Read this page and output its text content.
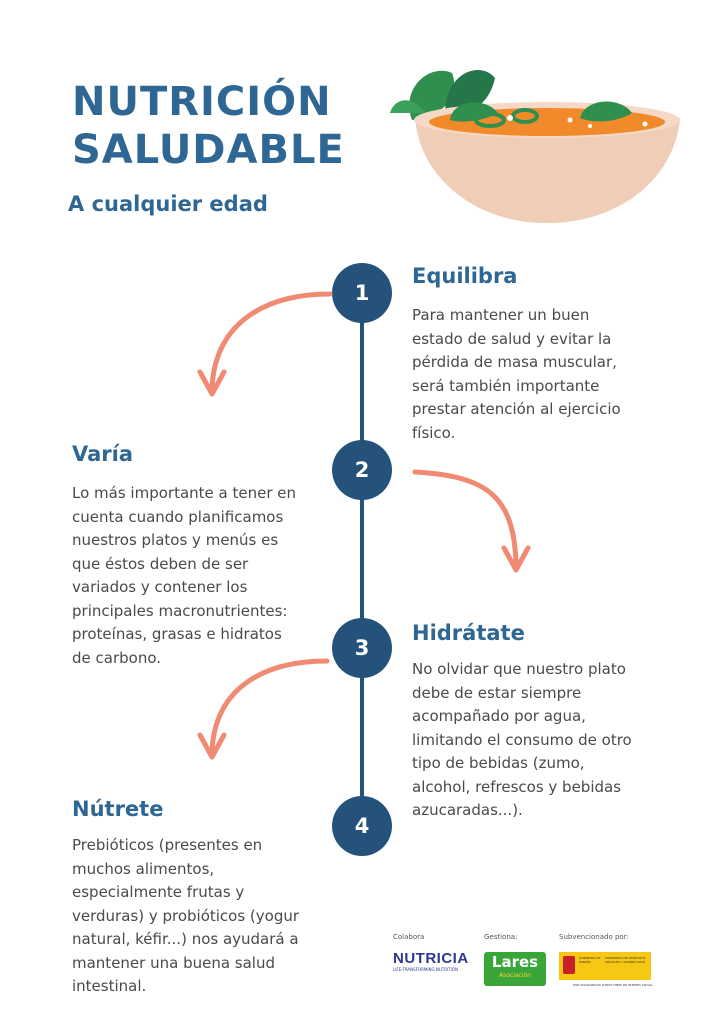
NUTRICIÓN
SALUDABLE
A cualquier edad
1
2
3
4
Equilibra
Para mantener un buen
estado de salud y evitar la
pérdida de masa muscular,
será también importante
prestar atención al ejercicio
físico.
Varía
Lo más importante a tener en
cuenta cuando planificamos
nuestros platos y menús es
que éstos deben de ser
variados y contener los
principales macronutrientes:
proteínas, grasas e hidratos
de carbono.
Hidrátate
No olvidar que nuestro plato
debe de estar siempre
acompañado por agua,
limitando el consumo de otro
tipo de bebidas (zumo,
alcohol, refrescos y bebidas
azucaradas...).
Nútrete
Prebióticos (presentes en
muchos alimentos,
especialmente frutas y
verduras) y probióticos (yogur
natural, kéfir...) nos ayudará a
mantener una buena salud
intestinal.
Colabora
NUTRICIA
LIFE-TRANSFORMING NUTRITION
Gestiona:
Lares
Asociación
Subvencionado por:
GOBIERNO DE ESPAÑA
MINISTERIO DE DERECHOS SOCIALES Y AGENDA 2030
POR SOLIDARIDAD OTROS FINES DE INTERÉS SOCIAL
